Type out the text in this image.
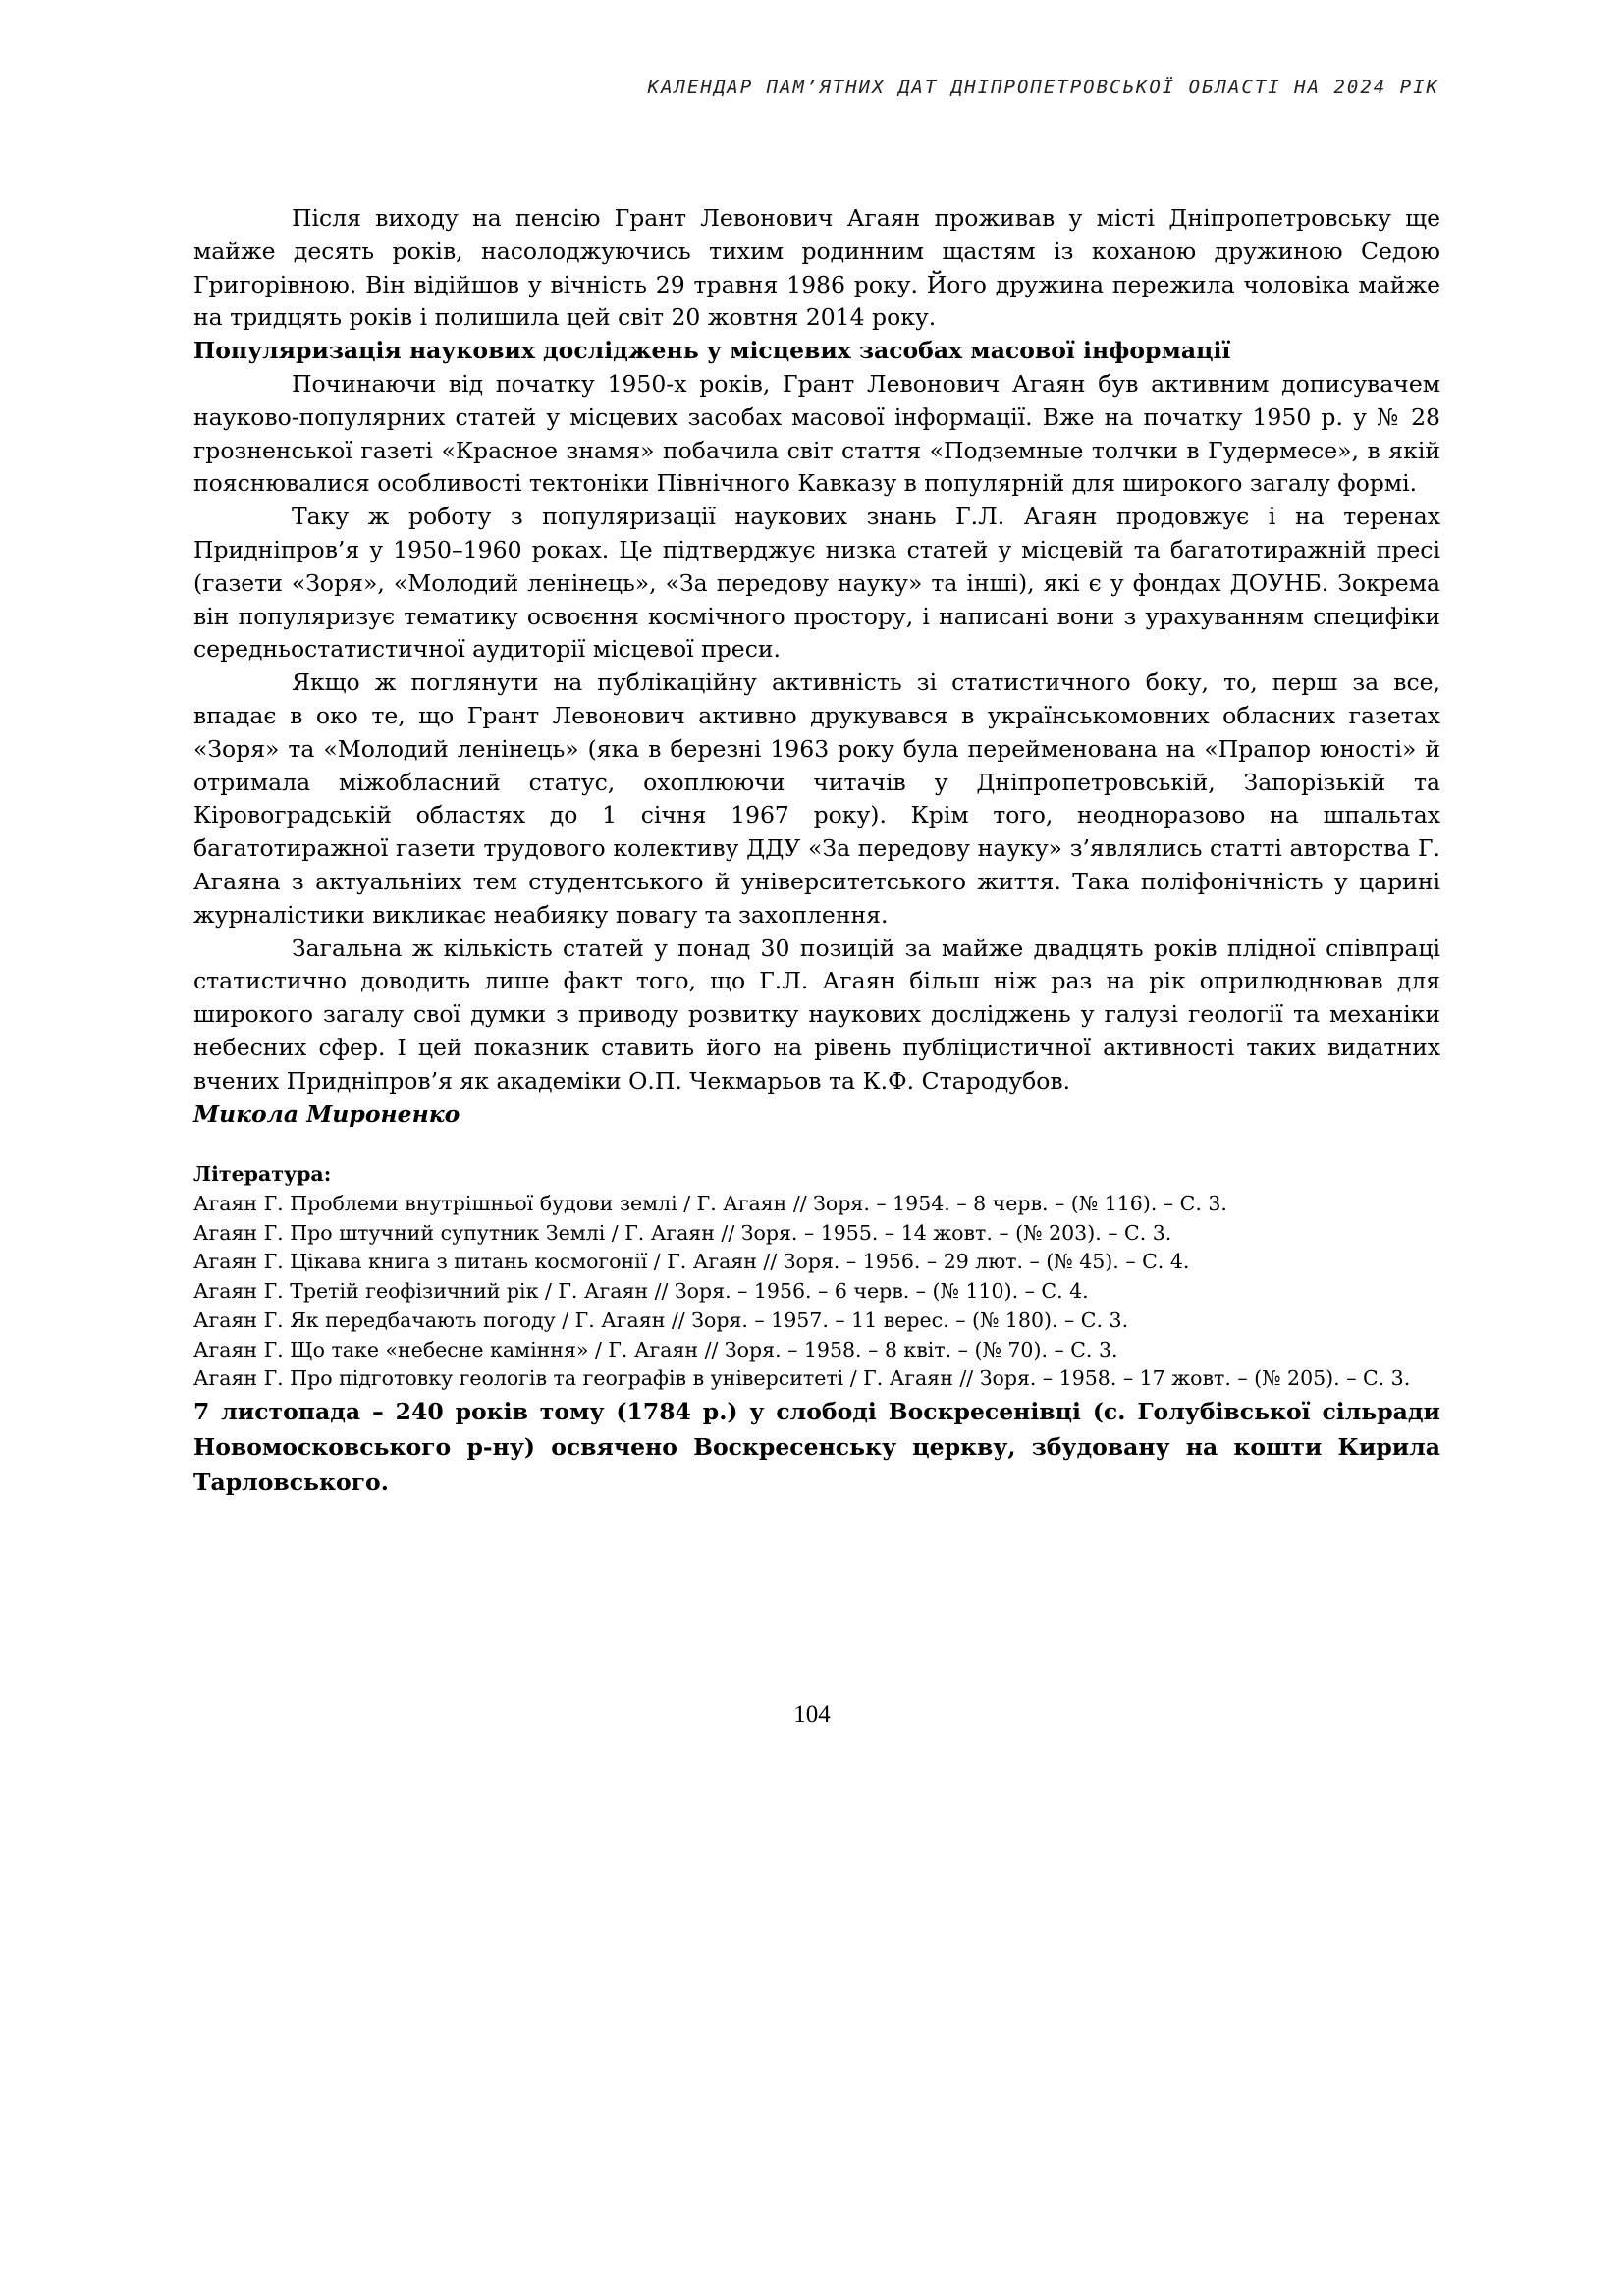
КАЛЕНДАР ПАМ’ЯТНИХ ДАТ ДНІПРОПЕТРОВСЬКОЇ ОБЛАСТІ НА 2024 РІК

Після виходу на пенсію Грант Левонович Агаян проживав у місті Дніпропетровську ще майже десять років, насолоджуючись тихим родинним щастям із коханою дружиною Седою Григорівною. Він відійшов у вічність 29 травня 1986 року. Його дружина пережила чоловіка майже на тридцять років і полишила цей світ 20 жовтня 2014 року.

Популяризація наукових досліджень у місцевих засобах масової інформації

Починаючи від початку 1950-х років, Грант Левонович Агаян був активним дописувачем науково-популярних статей у місцевих засобах масової інформації. Вже на початку 1950 р. у № 28 грозненської газеті «Красное знамя» побачила світ стаття «Подземные толчки в Гудермесе», в якій пояснювалися особливості тектоніки Північного Кавказу в популярній для широкого загалу формі.

Таку ж роботу з популяризації наукових знань Г.Л. Агаян продовжує і на теренах Придніпров’я у 1950–1960 роках. Це підтверджує низка статей у місцевій та багатотиражній пресі (газети «Зоря», «Молодий ленінець», «За передову науку» та інші), які є у фондах ДОУНБ. Зокрема він популяризує тематику освоєння космічного простору, і написані вони з урахуванням специфіки середньостатистичної аудиторії місцевої преси.

Якщо ж поглянути на публікаційну активність зі статистичного боку, то, перш за все, впадає в око те, що Грант Левонович активно друкувався в українськомовних обласних газетах «Зоря» та «Молодий ленінець» (яка в березні 1963 року була перейменована на «Прапор юності» й отримала міжобласний статус, охоплюючи читачів у Дніпропетровській, Запорізькій та Кіровоградській областях до 1 січня 1967 року). Крім того, неодноразово на шпальтах багатотиражної газети трудового колективу ДДУ «За передову науку» з’являлись статті авторства Г. Агаяна з актуальніих тем студентського й університетського життя. Така поліфонічність у царині журналістики викликає неабияку повагу та захоплення.

Загальна ж кількість статей у понад 30 позицій за майже двадцять років плідної співпраці статистично доводить лише факт того, що Г.Л. Агаян більш ніж раз на рік оприлюднював для широкого загалу свої думки з приводу розвитку наукових досліджень у галузі геології та механіки небесних сфер. І цей показник ставить його на рівень публіцистичної активності таких видатних вчених Придніпров’я як академіки О.П. Чекмарьов та К.Ф. Стародубов.

Микола Мироненко

Література:

Агаян Г. Проблеми внутрішньої будови землі / Г. Агаян // Зоря. – 1954. – 8 черв. – (№ 116). – С. 3.

Агаян Г. Про штучний супутник Землі / Г. Агаян // Зоря. – 1955. – 14 жовт. – (№ 203). – С. 3.

Агаян Г. Цікава книга з питань космогонії / Г. Агаян // Зоря. – 1956. – 29 лют. – (№ 45). – С. 4.

Агаян Г. Третій геофізичний рік / Г. Агаян // Зоря. – 1956. – 6 черв. – (№ 110). – С. 4.

Агаян Г. Як передбачають погоду / Г. Агаян // Зоря. – 1957. – 11 верес. – (№ 180). – С. 3.

Агаян Г. Що таке «небесне каміння» / Г. Агаян // Зоря. – 1958. – 8 квіт. – (№ 70). – С. 3.

Агаян Г. Про підготовку геологів та географів в університеті / Г. Агаян // Зоря. – 1958. – 17 жовт. – (№ 205). – С. 3.

7 листопада – 240 років тому (1784 р.) у слободі Воскресенівці (с. Голубівської сільради Новомосковського р-ну) освячено Воскресенську церкву, збудовану на кошти Кирила Тарловського.

104
